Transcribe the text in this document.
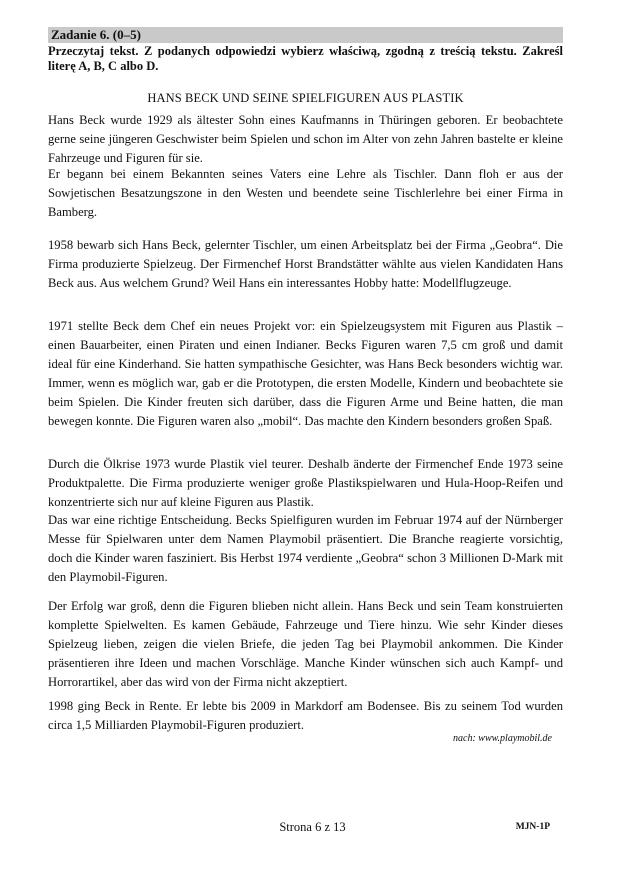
Zadanie 6. (0–5)
Przeczytaj tekst. Z podanych odpowiedzi wybierz właściwą, zgodną z treścią tekstu. Zakreśl literę A, B, C albo D.
HANS BECK UND SEINE SPIELFIGUREN AUS PLASTIK

Hans Beck wurde 1929 als ältester Sohn eines Kaufmanns in Thüringen geboren. Er beobachtete gerne seine jüngeren Geschwister beim Spielen und schon im Alter von zehn Jahren bastelte er kleine Fahrzeuge und Figuren für sie.

Er begann bei einem Bekannten seines Vaters eine Lehre als Tischler. Dann floh er aus der Sowjetischen Besatzungszone in den Westen und beendete seine Tischlerlehre bei einer Firma in Bamberg.

1958 bewarb sich Hans Beck, gelernter Tischler, um einen Arbeitsplatz bei der Firma „Geobra“. Die Firma produzierte Spielzeug. Der Firmenchef Horst Brandstätter wählte aus vielen Kandidaten Hans Beck aus. Aus welchem Grund? Weil Hans ein interessantes Hobby hatte: Modellflugzeuge.

1971 stellte Beck dem Chef ein neues Projekt vor: ein Spielzeugsystem mit Figuren aus Plastik – einen Bauarbeiter, einen Piraten und einen Indianer. Becks Figuren waren 7,5 cm groß und damit ideal für eine Kinderhand. Sie hatten sympathische Gesichter, was Hans Beck besonders wichtig war. Immer, wenn es möglich war, gab er die Prototypen, die ersten Modelle, Kindern und beobachtete sie beim Spielen. Die Kinder freuten sich darüber, dass die Figuren Arme und Beine hatten, die man bewegen konnte. Die Figuren waren also „mobil“. Das machte den Kindern besonders großen Spaß.

Durch die Ölkrise 1973 wurde Plastik viel teurer. Deshalb änderte der Firmenchef Ende 1973 seine Produktpalette. Die Firma produzierte weniger große Plastikspielwaren und Hula-Hoop-Reifen und konzentrierte sich nur auf kleine Figuren aus Plastik.

Das war eine richtige Entscheidung. Becks Spielfiguren wurden im Februar 1974 auf der Nürnberger Messe für Spielwaren unter dem Namen Playmobil präsentiert. Die Branche reagierte vorsichtig, doch die Kinder waren fasziniert. Bis Herbst 1974 verdiente „Geobra“ schon 3 Millionen D-Mark mit den Playmobil-Figuren.

Der Erfolg war groß, denn die Figuren blieben nicht allein. Hans Beck und sein Team konstruierten komplette Spielwelten. Es kamen Gebäude, Fahrzeuge und Tiere hinzu. Wie sehr Kinder dieses Spielzeug lieben, zeigen die vielen Briefe, die jeden Tag bei Playmobil ankommen. Die Kinder präsentieren ihre Ideen und machen Vorschläge. Manche Kinder wünschen sich auch Kampf- und Horrorartikel, aber das wird von der Firma nicht akzeptiert.

1998 ging Beck in Rente. Er lebte bis 2009 in Markdorf am Bodensee. Bis zu seinem Tod wurden circa 1,5 Milliarden Playmobil-Figuren produziert.

nach: www.playmobil.de
Strona 6 z 13	MJN-1P
